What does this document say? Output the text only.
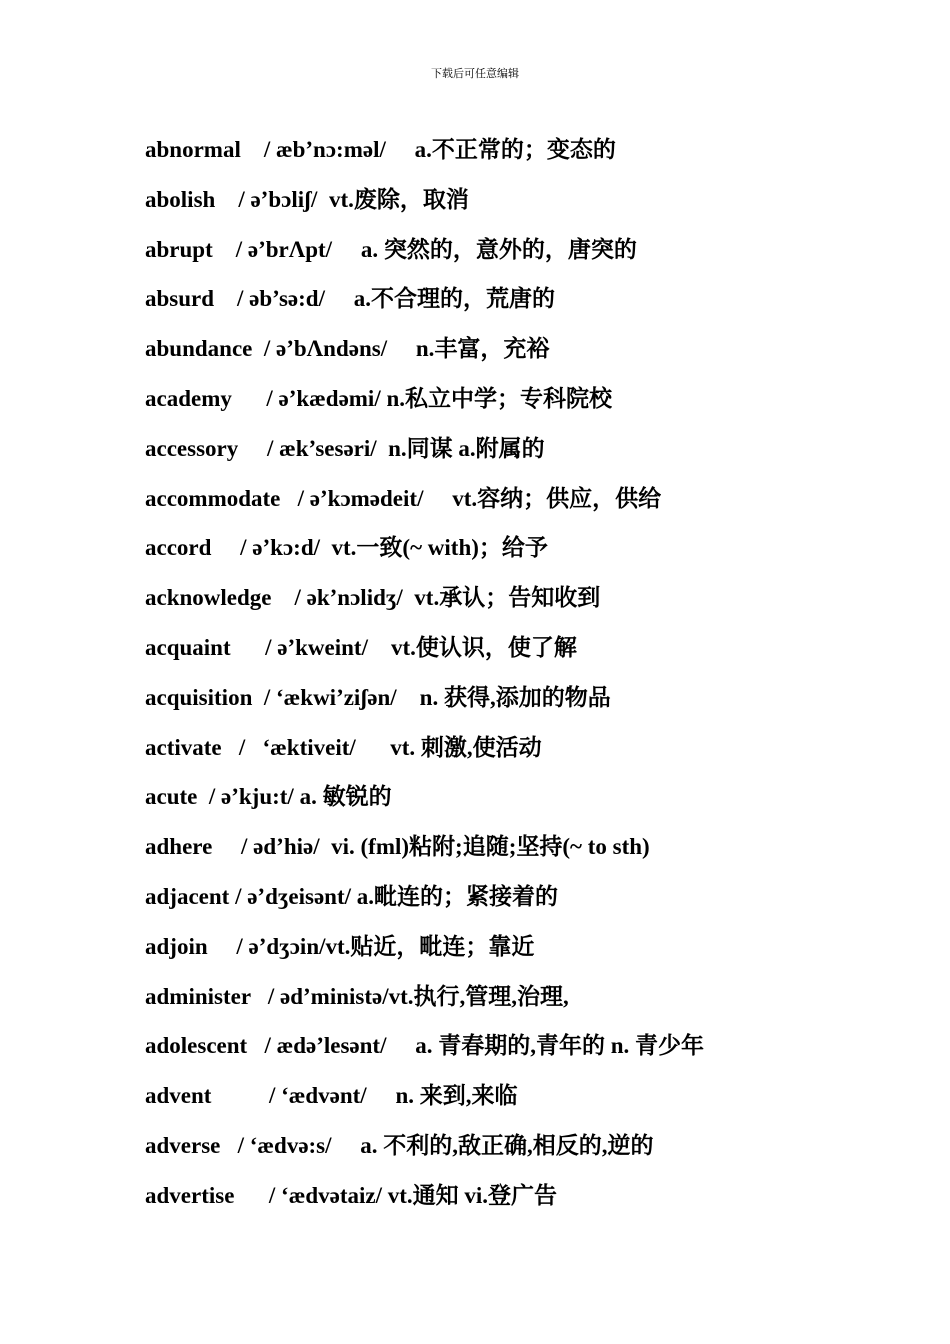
下载后可任意编辑
abnormal    / æb’nɔ:məl/     a.不正常的；变态的
abolish    / ə’bɔliʃ/  vt.废除，取消
abrupt    / ə’brΛpt/     a. 突然的，意外的，唐突的
absurd    / əb’sə:d/     a.不合理的，荒唐的
abundance  / ə’bΛndəns/     n.丰富，充裕
academy      / ə’kædəmi/ n.私立中学；专科院校
accessory     / æk’sesəri/  n.同谋 a.附属的
accommodate   / ə’kɔmədeit/     vt.容纳；供应，供给
accord     / ə’kɔ:d/  vt.一致(~ with)；给予
acknowledge    / ək’nɔlidʒ/  vt.承认；告知收到
acquaint      / ə’kweint/    vt.使认识，使了解
acquisition  / ‘ækwi’ziʃən/    n. 获得,添加的物品
activate   /   ‘æktiveit/      vt. 刺激,使活动
acute  / ə’kju:t/ a. 敏锐的
adhere     / əd’hiə/  vi. (fml)粘附;追随;坚持(~ to sth)
adjacent / ə’dʒeisənt/ a.毗连的；紧接着的
adjoin     / ə’dʒɔin/vt.贴近，毗连；靠近
administer   / əd’ministə/vt.执行,管理,治理,
adolescent   / ædə’lesənt/     a. 青春期的,青年的 n. 青少年
advent          / ‘ædvənt/     n. 来到,来临
adverse   / ‘ædvə:s/     a. 不利的,敌正确,相反的,逆的
advertise      / ‘ædvətaiz/ vt.通知 vi.登广告
